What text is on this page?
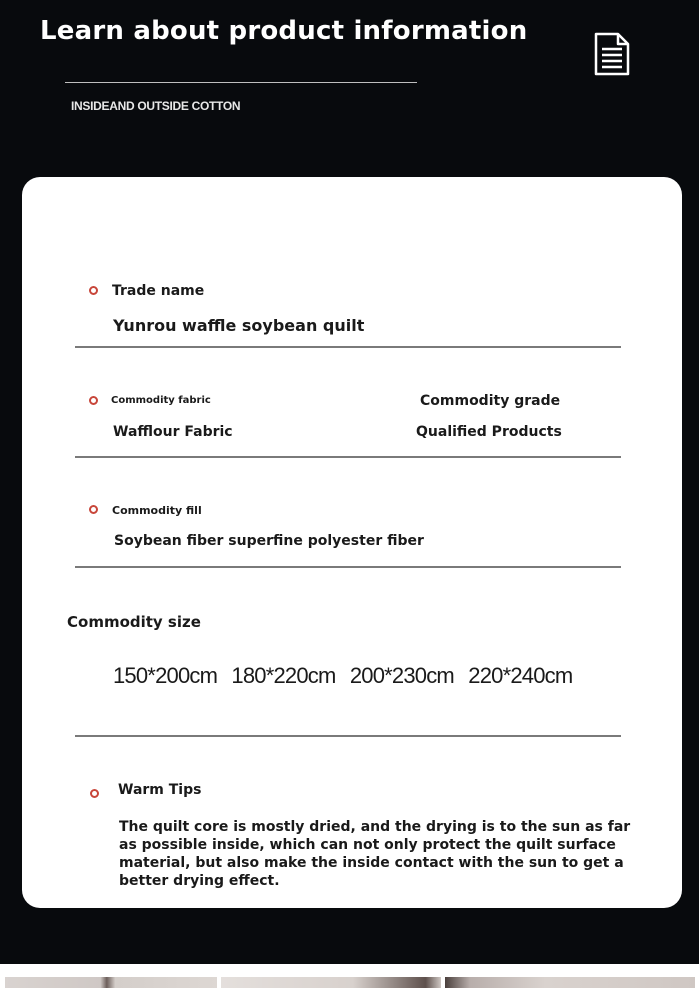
Learn about product information
INSIDEAND OUTSIDE COTTON
Trade name
Yunrou waffle soybean quilt
Commodity fabric
Wafflour Fabric
Commodity grade
Qualified Products
Commodity fill
Soybean fiber superfine polyester fiber
Commodity size
150*200cm 180*220cm 200*230cm 220*240cm
Warm Tips
The quilt core is mostly dried, and the drying is to the sun as far as possible inside, which can not only protect the quilt surface material, but also make the inside contact with the sun to get a better drying effect.
